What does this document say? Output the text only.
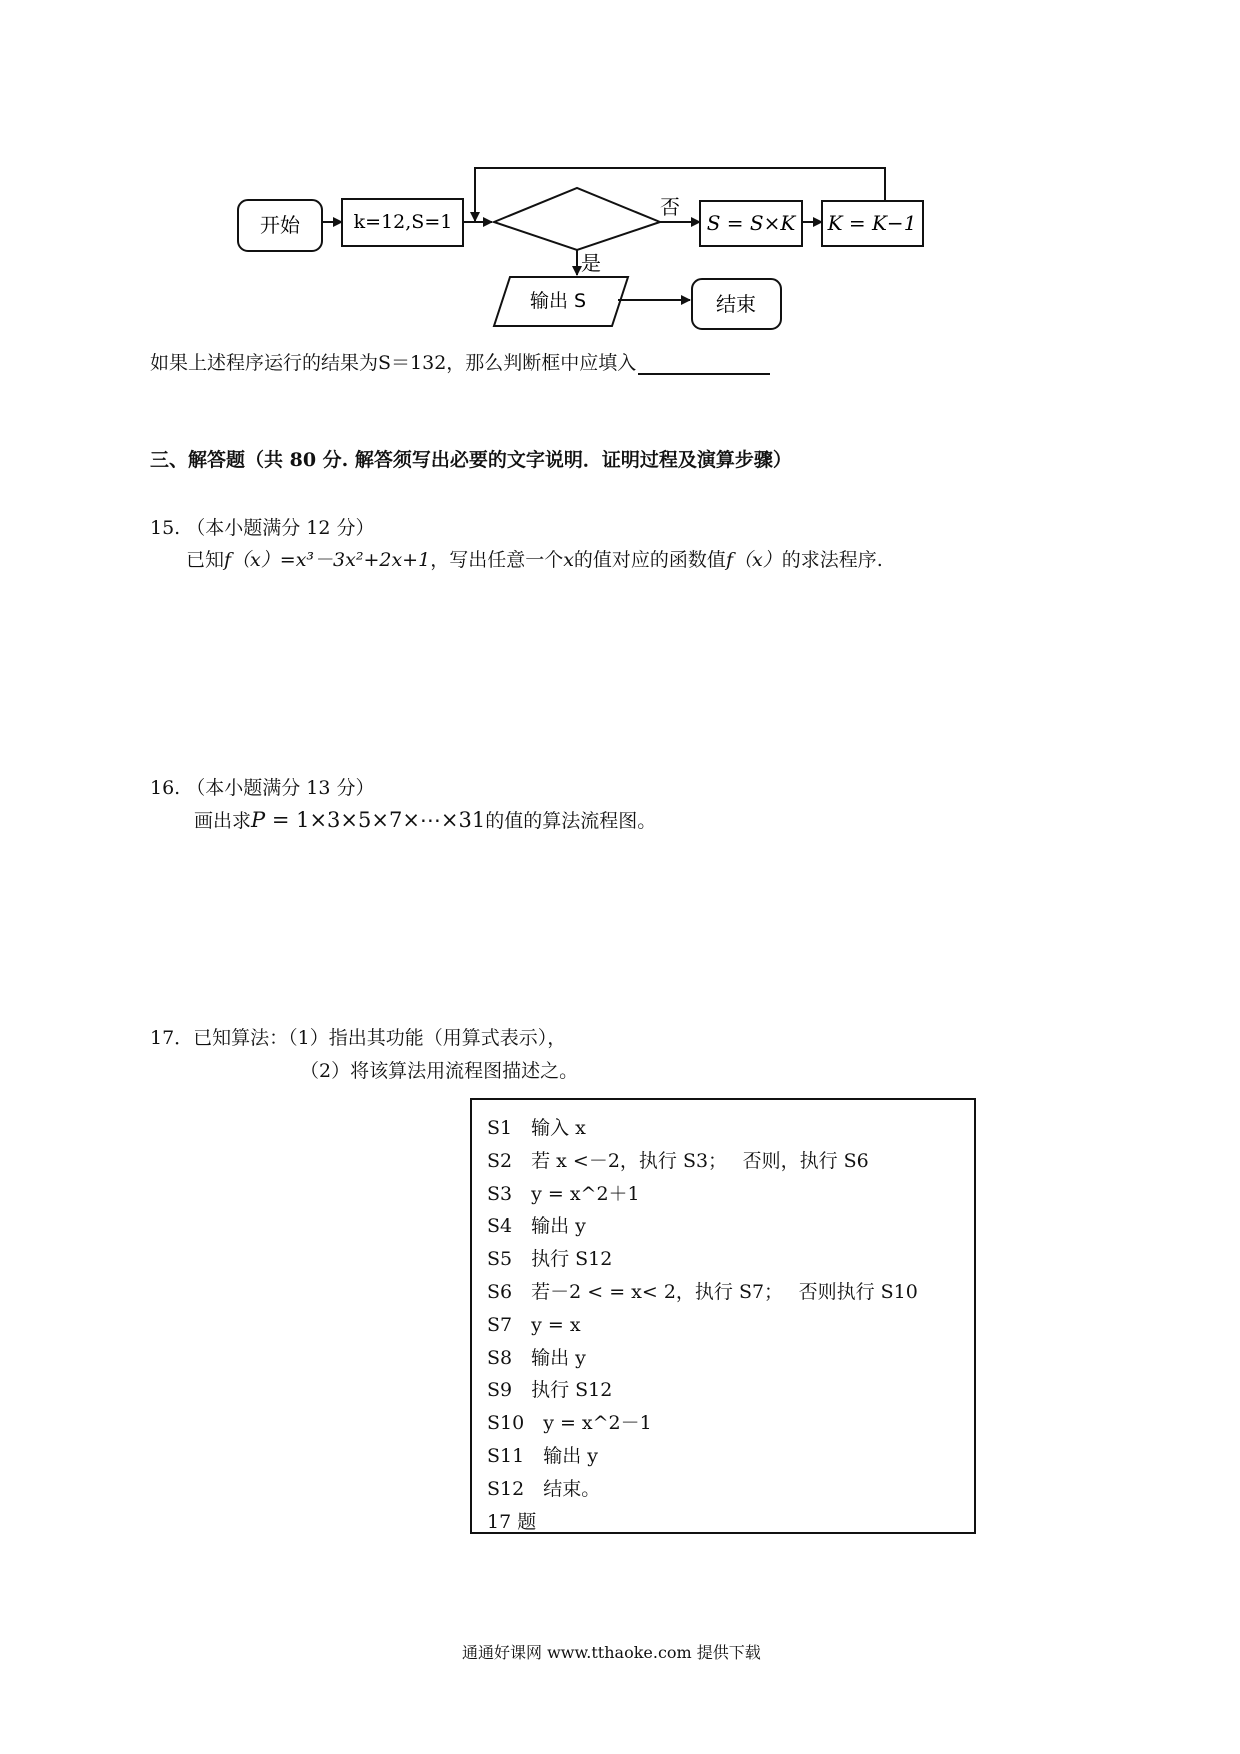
开始	k=12,S=1
否
S = S×K K = K−1
是
输出 S	结束
如果上述程序运行的结果为S＝132，那么判断框中应填入
三、解答题（共 80 分. 解答须写出必要的文字说明．证明过程及演算步骤）
15. （本小题满分 12 分）
已知f（x）=x³－3x²+2x+1，写出任意一个x的值对应的函数值f（x）的求法程序.
16. （本小题满分 13 分）
画出求P = 1×3×5×7×⋯×31的值的算法流程图。
17．已知算法：（1）指出其功能（用算式表示），
（2）将该算法用流程图描述之。
S1　输入 x
S2　若 x <－2，执行 S3；　 否则，执行 S6
S3　y = x^2＋1
S4　输出 y
S5　执行 S12
S6　若－2 < = x< 2，执行 S7；　 否则执行 S10
S7　y = x
S8　输出 y
S9　执行 S12
S10　y = x^2－1
S11　输出 y
S12　结束。
17 题
通通好课网 www.tthaoke.com 提供下载
